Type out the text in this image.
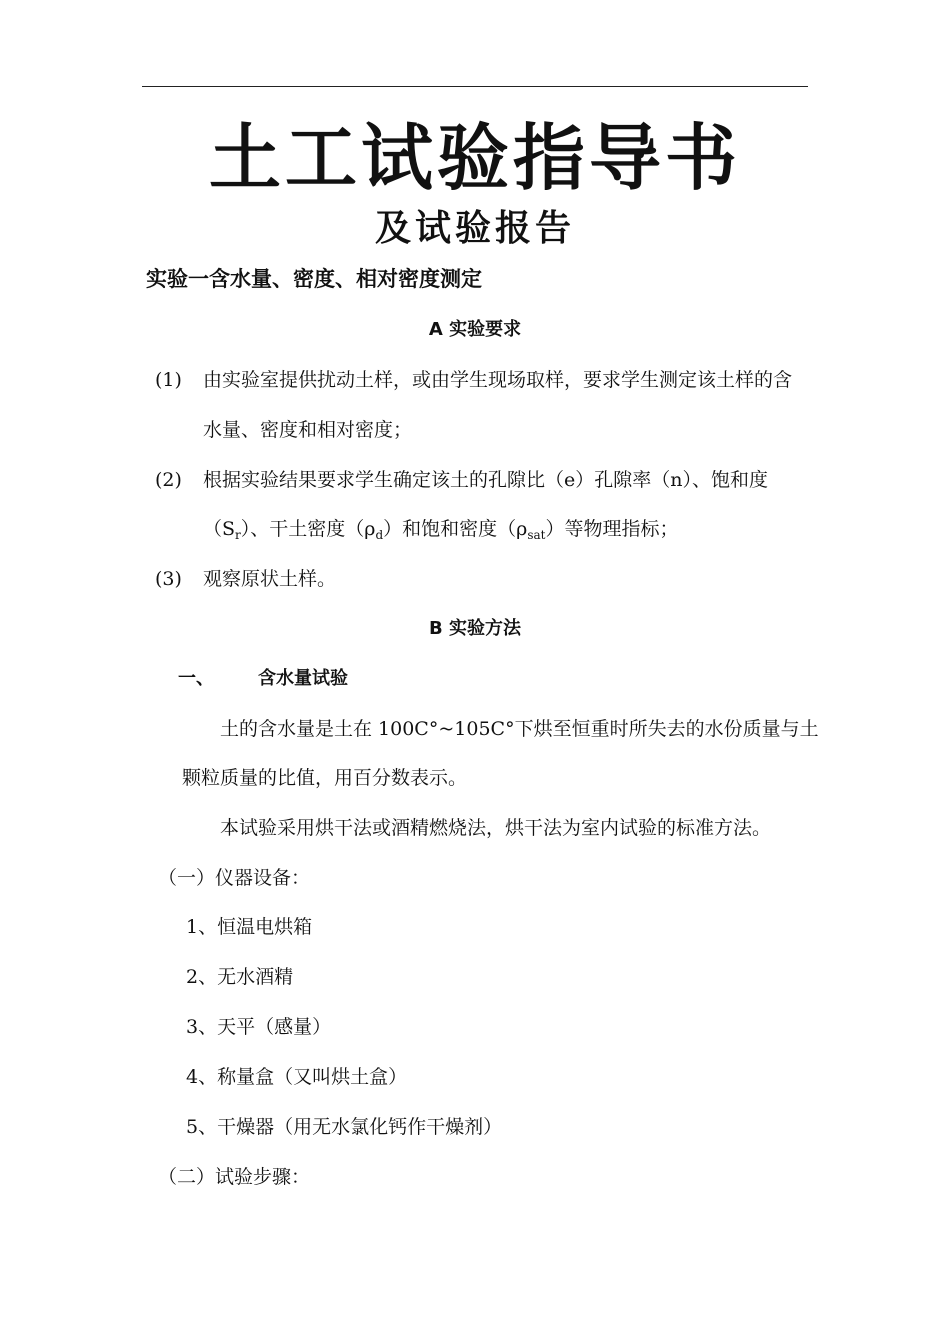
土工试验指导书
及试验报告
实验一含水量、密度、相对密度测定
A 实验要求
(1) 由实验室提供扰动土样，或由学生现场取样，要求学生测定该土样的含
水量、密度和相对密度；
(2) 根据实验结果要求学生确定该土的孔隙比（e）孔隙率（n）、饱和度
$(S_r)$、干土密度$(\rho_d)$和饱和密度$(\rho_{sat})$等物理指标；
(3) 观察原状土样。
B 实验方法
一、 含水量试验
土的含水量是土在 100C°~105C°下烘至恒重时所失去的水份质量与土
颗粒质量的比值，用百分数表示。
本试验采用烘干法或酒精燃烧法，烘干法为室内试验的标准方法。
（一）仪器设备：
1、恒温电烘箱
2、无水酒精
3、天平（感量）
4、称量盒（又叫烘土盒）
5、干燥器（用无水氯化钙作干燥剂）
（二）试验步骤：
